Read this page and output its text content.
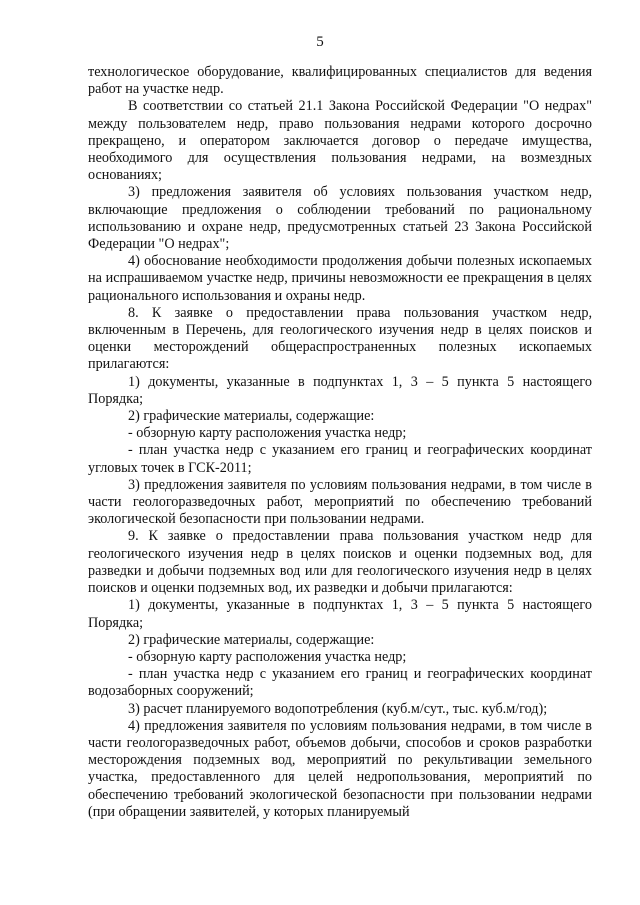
5

технологическое оборудование, квалифицированных специалистов для ведения работ на участке недр.

В соответствии со статьей 21.1 Закона Российской Федерации "О недрах" между пользователем недр, право пользования недрами которого досрочно прекращено, и оператором заключается договор о передаче имущества, необходимого для осуществления пользования недрами, на возмездных основаниях;

3) предложения заявителя об условиях пользования участком недр, включающие предложения о соблюдении требований по рациональному использованию и охране недр, предусмотренных статьей 23 Закона Российской Федерации "О недрах";

4) обоснование необходимости продолжения добычи полезных ископаемых на испрашиваемом участке недр, причины невозможности ее прекращения в целях рационального использования и охраны недр.

8. К заявке о предоставлении права пользования участком недр, включенным в Перечень, для геологического изучения недр в целях поисков и оценки месторождений общераспространенных полезных ископаемых прилагаются:

1) документы, указанные в подпунктах 1, 3 – 5 пункта 5 настоящего Порядка;

2) графические материалы, содержащие:

- обзорную карту расположения участка недр;

- план участка недр с указанием его границ и географических координат угловых точек в ГСК-2011;

3) предложения заявителя по условиям пользования недрами, в том числе в части геологоразведочных работ, мероприятий по обеспечению требований экологической безопасности при пользовании недрами.

9. К заявке о предоставлении права пользования участком недр для геологического изучения недр в целях поисков и оценки подземных вод, для разведки и добычи подземных вод или для геологического изучения недр в целях поисков и оценки подземных вод, их разведки и добычи прилагаются:

1) документы, указанные в подпунктах 1, 3 – 5 пункта 5 настоящего Порядка;

2) графические материалы, содержащие:

- обзорную карту расположения участка недр;

- план участка недр с указанием его границ и географических координат водозаборных сооружений;

3) расчет планируемого водопотребления (куб.м/сут., тыс. куб.м/год);

4) предложения заявителя по условиям пользования недрами, в том числе в части геологоразведочных работ, объемов добычи, способов и сроков разработки месторождения подземных вод, мероприятий по рекультивации земельного участка, предоставленного для целей недропользования, мероприятий по обеспечению требований экологической безопасности при пользовании недрами (при обращении заявителей, у которых планируемый
